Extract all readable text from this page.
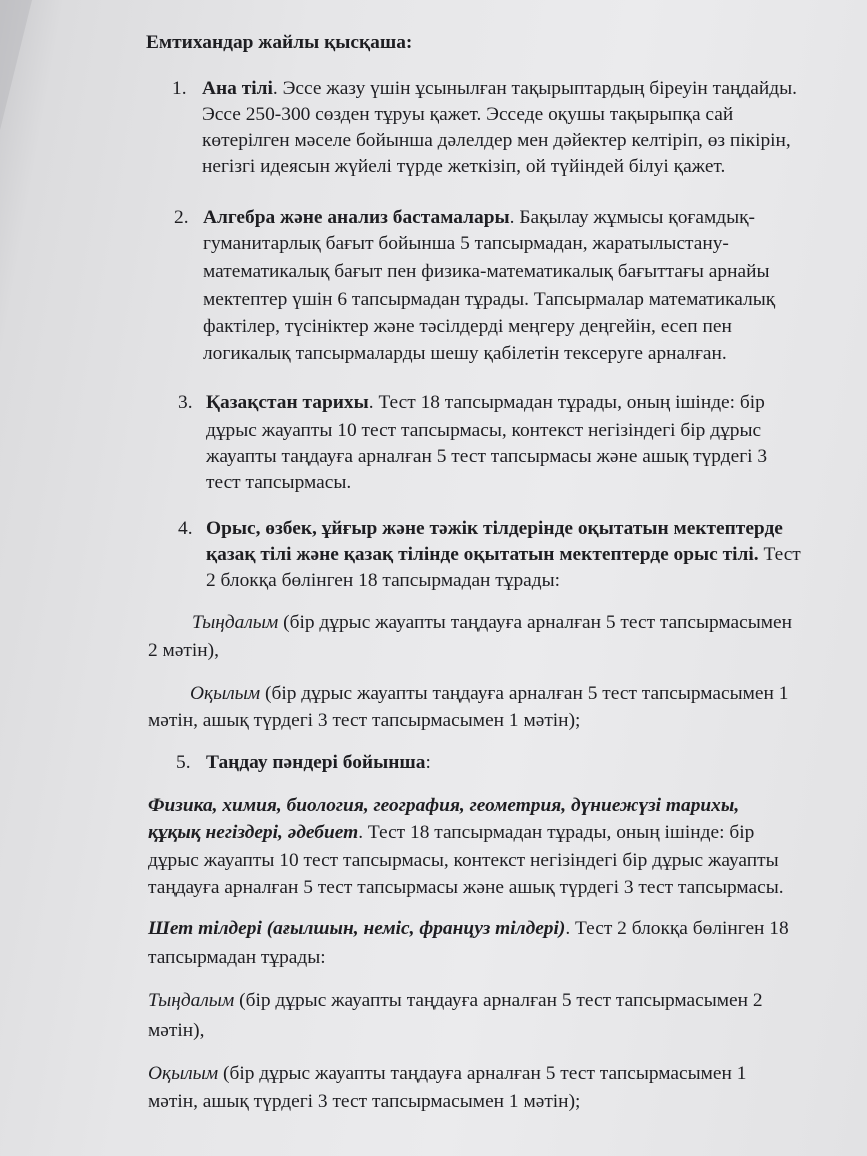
Емтихандар жайлы қысқаша:
1. Ана тілі. Эссе жазу үшін ұсынылған тақырыптардың біреуін таңдайды.
Эссе 250-300 сөзден тұруы қажет. Эсседе оқушы тақырыпқа сай
көтерілген мәселе бойынша дәлелдер мен дәйектер келтіріп, өз пікірін,
негізгі идеясын жүйелі түрде жеткізіп, ой түйіндей білуі қажет.
2. Алгебра және анализ бастамалары. Бақылау жұмысы қоғамдық-
гуманитарлық бағыт бойынша 5 тапсырмадан, жаратылыстану-
математикалық бағыт пен физика-математикалық бағыттағы арнайы
мектептер үшін 6 тапсырмадан тұрады. Тапсырмалар математикалық
фактілер, түсініктер және тәсілдерді меңгеру деңгейін, есеп пен
логикалық тапсырмаларды шешу қабілетін тексеруге арналған.
3. Қазақстан тарихы. Тест 18 тапсырмадан тұрады, оның ішінде: бір
дұрыс жауапты 10 тест тапсырмасы, контекст негізіндегі бір дұрыс
жауапты таңдауға арналған 5 тест тапсырмасы және ашық түрдегі 3
тест тапсырмасы.
4. Орыс, өзбек, ұйғыр және тәжік тілдерінде оқытатын мектептерде
қазақ тілі және қазақ тілінде оқытатын мектептерде орыс тілі. Тест
2 блокқа бөлінген 18 тапсырмадан тұрады:
Тыңдалым (бір дұрыс жауапты таңдауға арналған 5 тест тапсырмасымен
2 мәтін),
Оқылым (бір дұрыс жауапты таңдауға арналған 5 тест тапсырмасымен 1
мәтін, ашық түрдегі 3 тест тапсырмасымен 1 мәтін);
5. Таңдау пәндері бойынша:
Физика, химия, биология, география, геометрия, дүниежүзі тарихы,
құқық негіздері, әдебиет. Тест 18 тапсырмадан тұрады, оның ішінде: бір
дұрыс жауапты 10 тест тапсырмасы, контекст негізіндегі бір дұрыс жауапты
таңдауға арналған 5 тест тапсырмасы және ашық түрдегі 3 тест тапсырмасы.
Шет тілдері (ағылшын, неміс, француз тілдері). Тест 2 блокқа бөлінген 18
тапсырмадан тұрады:
Тыңдалым (бір дұрыс жауапты таңдауға арналған 5 тест тапсырмасымен 2
мәтін),
Оқылым (бір дұрыс жауапты таңдауға арналған 5 тест тапсырмасымен 1
мәтін, ашық түрдегі 3 тест тапсырмасымен 1 мәтін);
